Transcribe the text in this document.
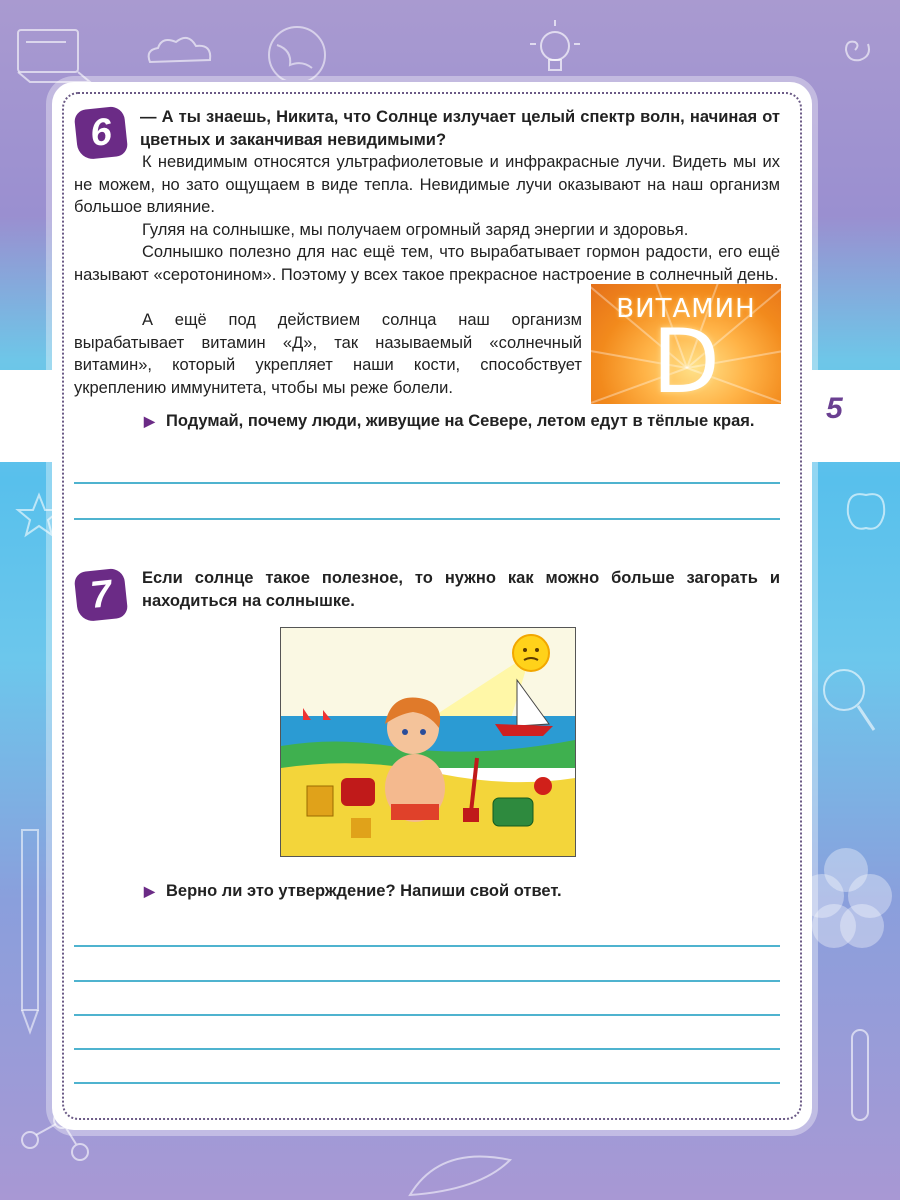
5
6	— А ты знаешь, Никита, что Солнце излучает целый спектр волн, начиная от цветных и заканчивая невидимыми?

К невидимым относятся ультрафиолетовые и инфракрасные лучи. Видеть мы их не можем, но зато ощущаем в виде тепла. Невидимые лучи оказывают на наш организм большое влияние.

Гуляя на солнышке, мы получаем огромный заряд энергии и здоровья.

Солнышко полезно для нас ещё тем, что вырабатывает гормон радости, его ещё называют «серотонином». Поэтому у всех такое прекрасное настроение в солнечный день.

А ещё под действием солнца наш организм вырабатывает витамин «Д», так называемый «солнечный витамин», который укрепляет наши кости, способствует укреплению иммунитета, чтобы мы реже болели.

ВИТАМИН
D
▶ Подумай, почему люди, живущие на Севере, летом едут в тёплые края.
7	Если солнце такое полезное, то нужно как можно больше загорать и находиться на солнышке.

▶ Верно ли это утверждение? Напиши свой ответ.
